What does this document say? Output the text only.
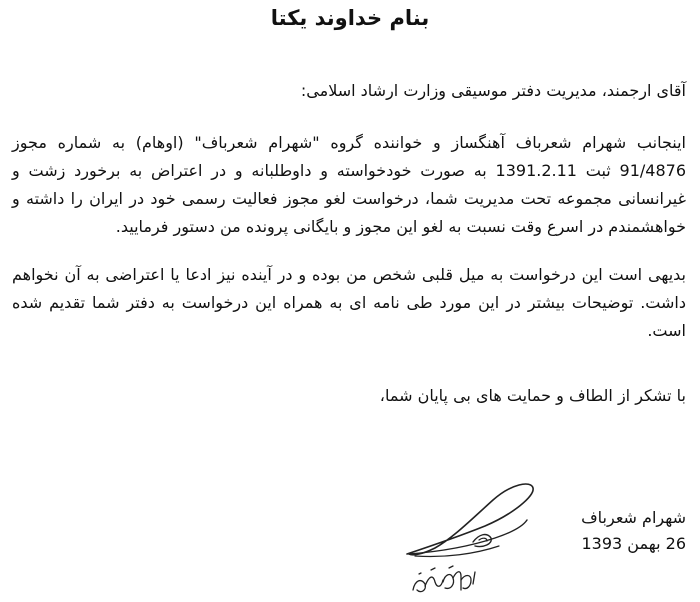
بنام خداوند یکتا

آقای ارجمند، مدیریت دفتر موسیقی وزارت ارشاد اسلامی:

اینجانب شهرام شعرباف آهنگساز و خواننده گروه "شهرام شعرباف" (اوهام) به شماره مجوز 91/4876 ثبت 1391.2.11 به صورت خودخواسته و داوطلبانه و در اعتراض به برخورد زشت و غیرانسانی مجموعه تحت مدیریت شما، درخواست لغو مجوز فعالیت رسمی خود در ایران را داشته و خواهشمندم در اسرع وقت نسبت به لغو این مجوز و بایگانی پرونده من دستور فرمایید.

بدیهی است این درخواست به میل قلبی شخص من بوده و در آینده نیز ادعا یا اعتراضی به آن نخواهم داشت. توضیحات بیشتر در این مورد طی نامه ای به همراه این درخواست به دفتر شما تقدیم شده است.

با تشکر از الطاف و حمایت های بی پایان شما،

شهرام شعرباف

26 بهمن 1393
